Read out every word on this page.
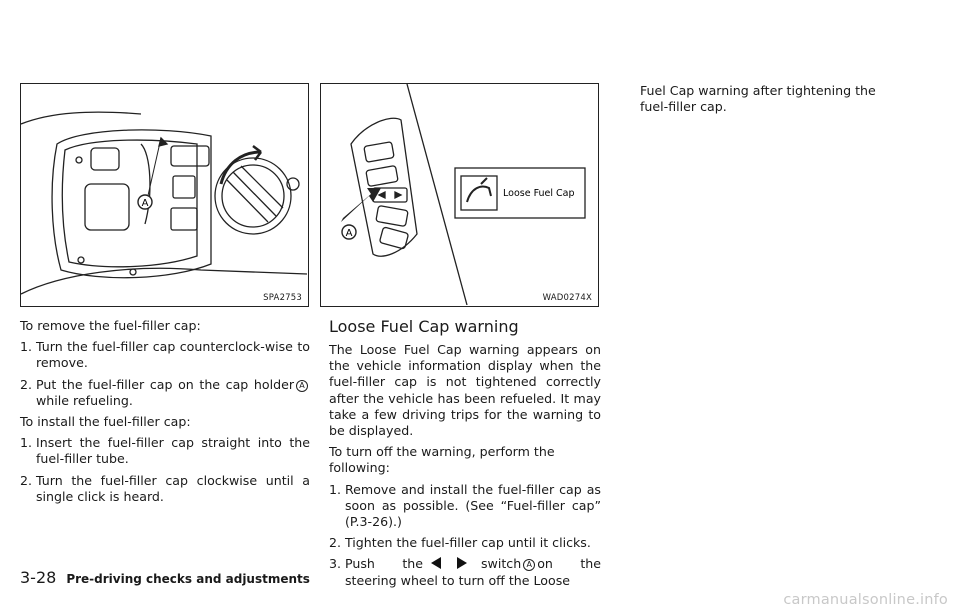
A
SPA2753
A
Loose Fuel Cap
WAD0274X

To remove the fuel-filler cap:

1. Turn the fuel-filler cap counterclock-wise to remove.
2. Put the fuel-filler cap on the cap holder Awhile refueling.

To install the fuel-filler cap:

1. Insert the fuel-filler cap straight into the fuel-filler tube.
2. Turn the fuel-filler cap clockwise until a single click is heard.
Loose Fuel Cap warning

The Loose Fuel Cap warning appears on the vehicle information display when the fuel-filler cap is not tightened correctly after the vehicle has been refueled. It may take a few driving trips for the warning to be displayed.

To turn off the warning, perform the following:

1. Remove and install the fuel-filler cap as soon as possible. (See “Fuel-filler cap” (P.3-26).)
2. Tighten the fuel-filler cap until it clicks.
3. Push the	switch A on the steering wheel to turn off the Loose

Fuel Cap warning after tightening the fuel-filler cap.

3-28 Pre-driving checks and adjustments
carmanualsonline.info
